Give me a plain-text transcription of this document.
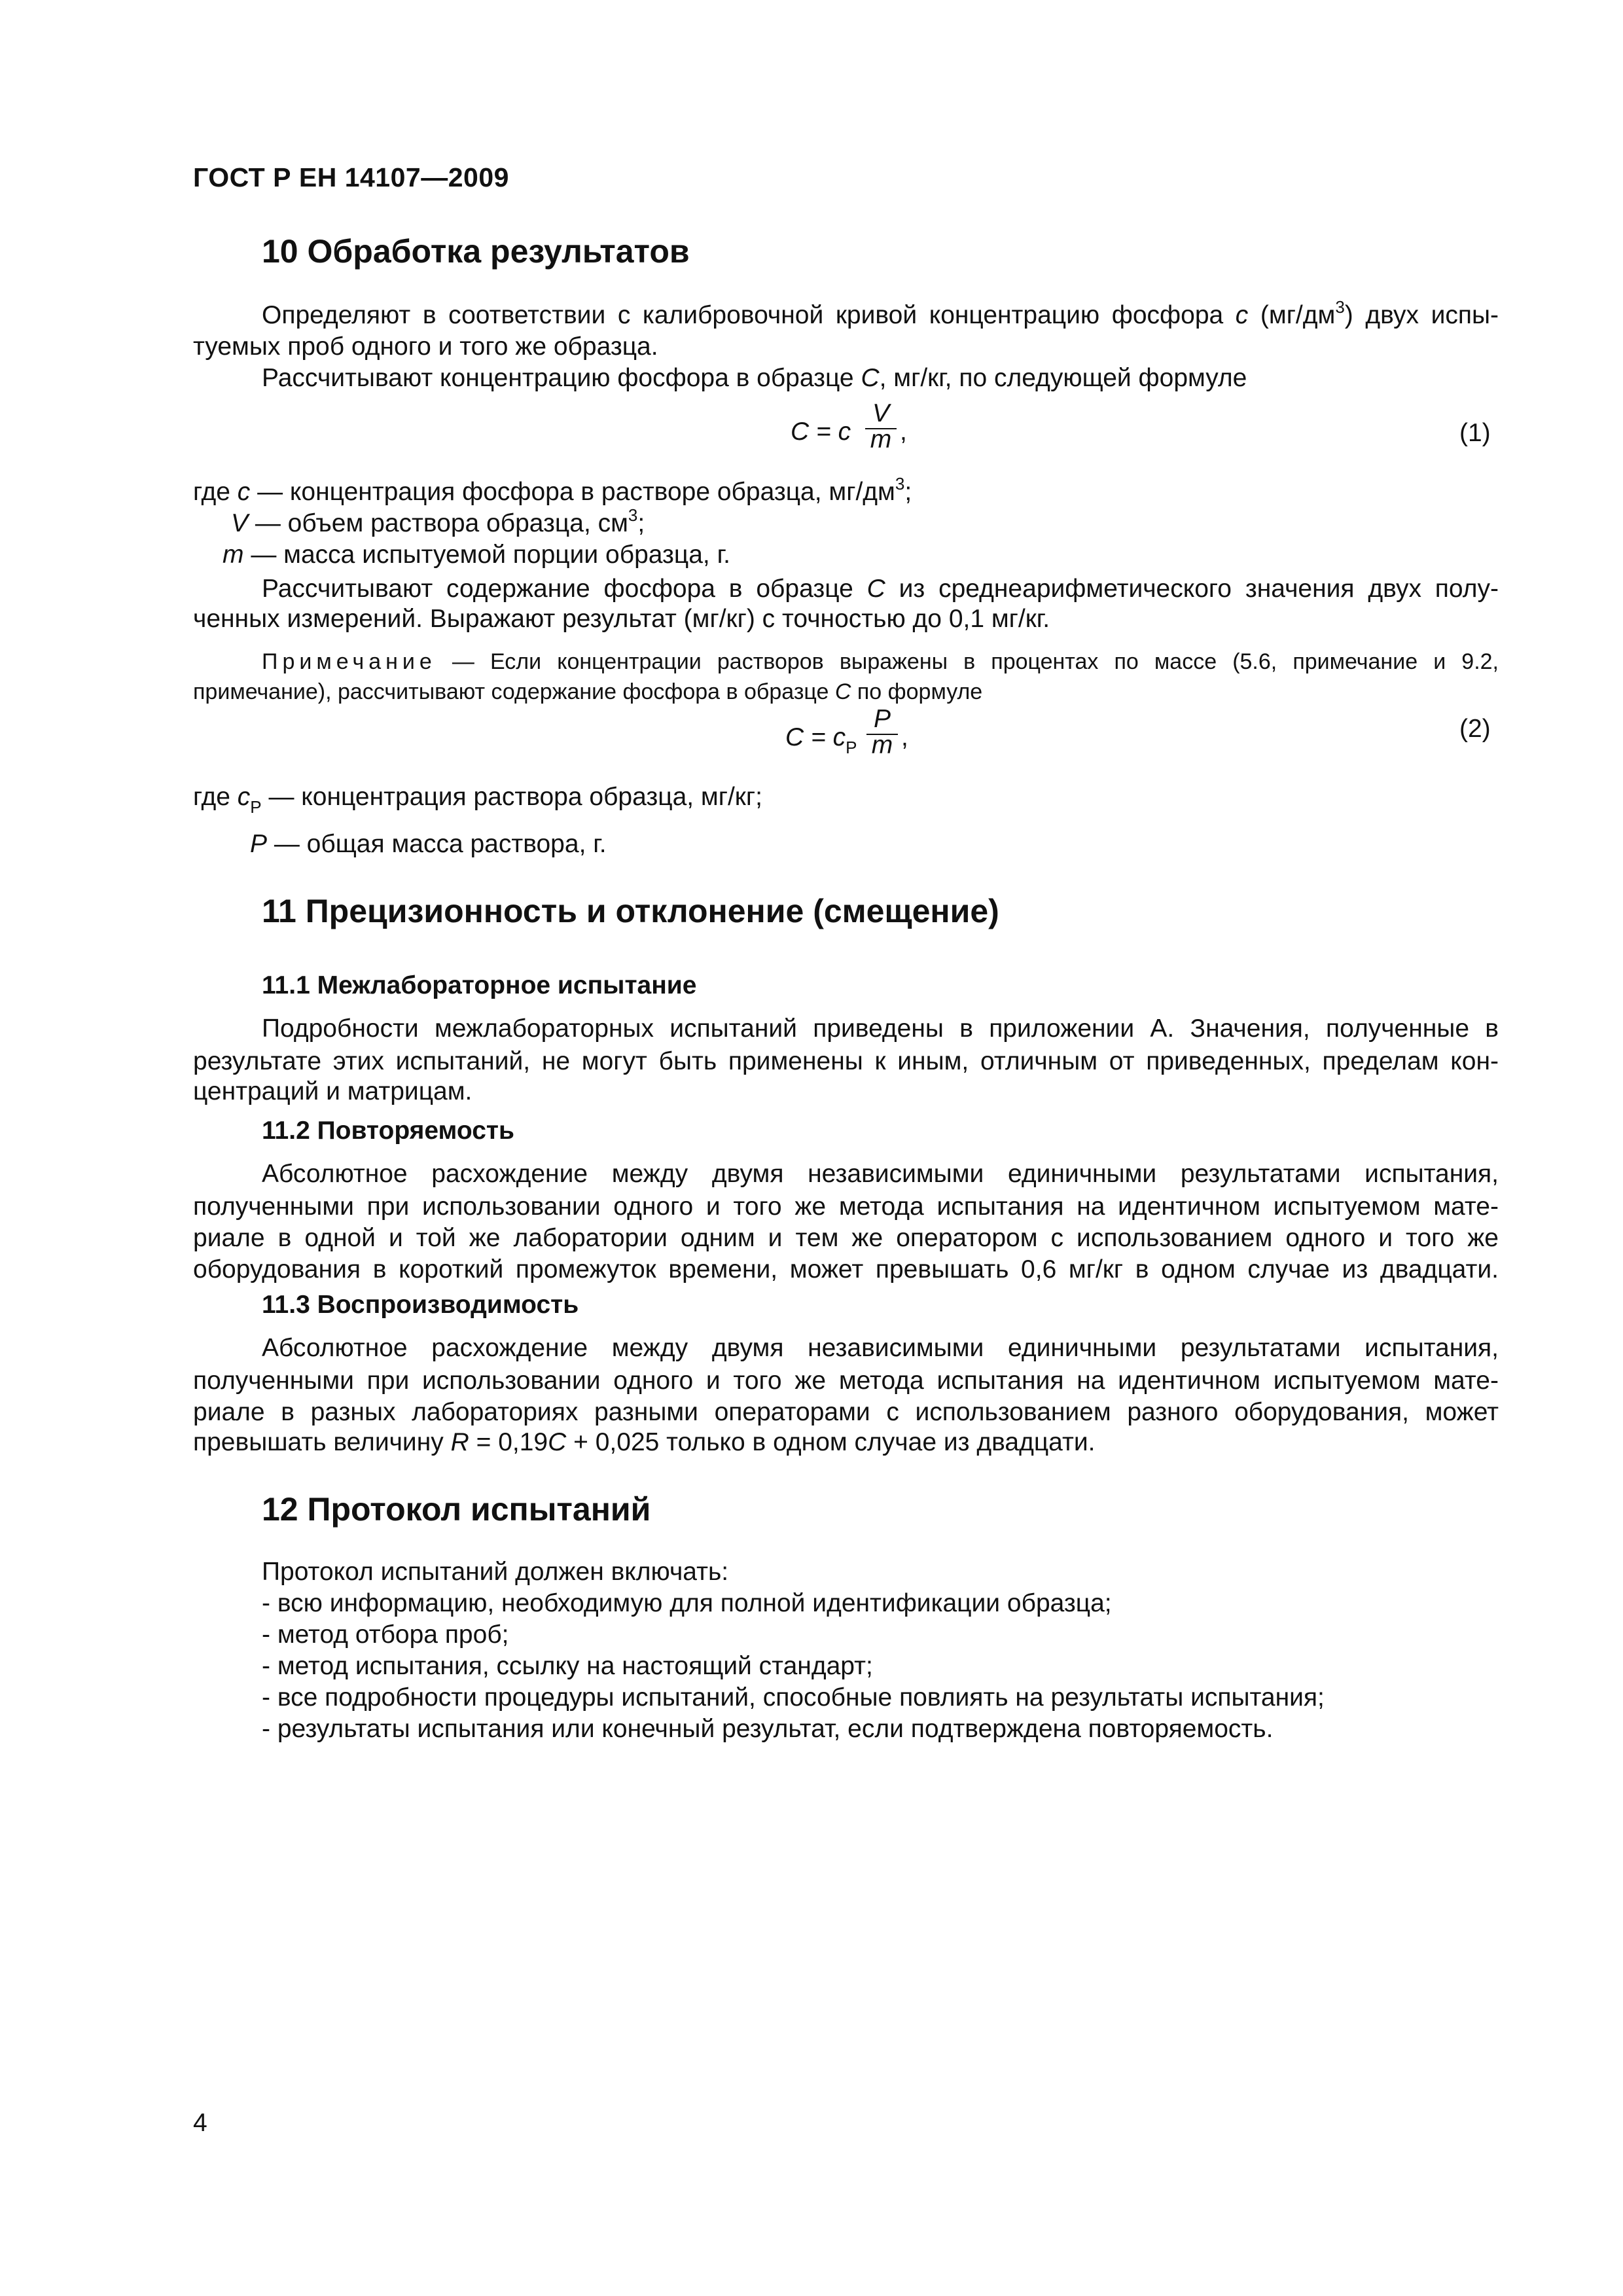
ГОСТ Р ЕН 14107—2009
10 Обработка результатов
Определяют в соответствии с калибровочной кривой концентрацию фосфора c $(мг/дм^3)$ двух испы-
туемых проб одного и того же образца.
Рассчитывают концентрацию фосфора в образце C, мг/кг, по следующей формуле
C = c
V
m ,	(1)
где c — концентрация фосфора в растворе образца, $мг/дм^3$;
V — объем раствора образца, $см^3$;
m — масса испытуемой порции образца, г.
Рассчитывают содержание фосфора в образце C из среднеарифметического значения двух полу-
ченных измерений. Выражают результат (мг/кг) с точностью до 0,1 мг/кг.
Примечание — Если концентрации растворов выражены в процентах по массе (5.6, примечание и 9.2,
примечание), рассчитывают содержание фосфора в образце C по формуле
$C = c_P$
P
m ,	(2)
где $c_P$ — концентрация раствора образца, мг/кг;
P — общая масса раствора, г.
11 Прецизионность и отклонение (смещение)
11.1 Межлабораторное испытание
Подробности межлабораторных испытаний приведены в приложении А. Значения, полученные в
результате этих испытаний, не могут быть применены к иным, отличным от приведенных, пределам кон-
центраций и матрицам.
11.2 Повторяемость
Абсолютное расхождение между двумя независимыми единичными результатами испытания,
полученными при использовании одного и того же метода испытания на идентичном испытуемом мате-
риале в одной и той же лаборатории одним и тем же оператором с использованием одного и того же
оборудования в короткий промежуток времени, может превышать 0,6 мг/кг в одном случае из двадцати.
11.3 Воспроизводимость
Абсолютное расхождение между двумя независимыми единичными результатами испытания,
полученными при использовании одного и того же метода испытания на идентичном испытуемом мате-
риале в разных лабораториях разными операторами с использованием разного оборудования, может
превышать величину R = 0,19C + 0,025 только в одном случае из двадцати.
12 Протокол испытаний
Протокол испытаний должен включать:
- всю информацию, необходимую для полной идентификации образца;
- метод отбора проб;
- метод испытания, ссылку на настоящий стандарт;
- все подробности процедуры испытаний, способные повлиять на результаты испытания;
- результаты испытания или конечный результат, если подтверждена повторяемость.
4
